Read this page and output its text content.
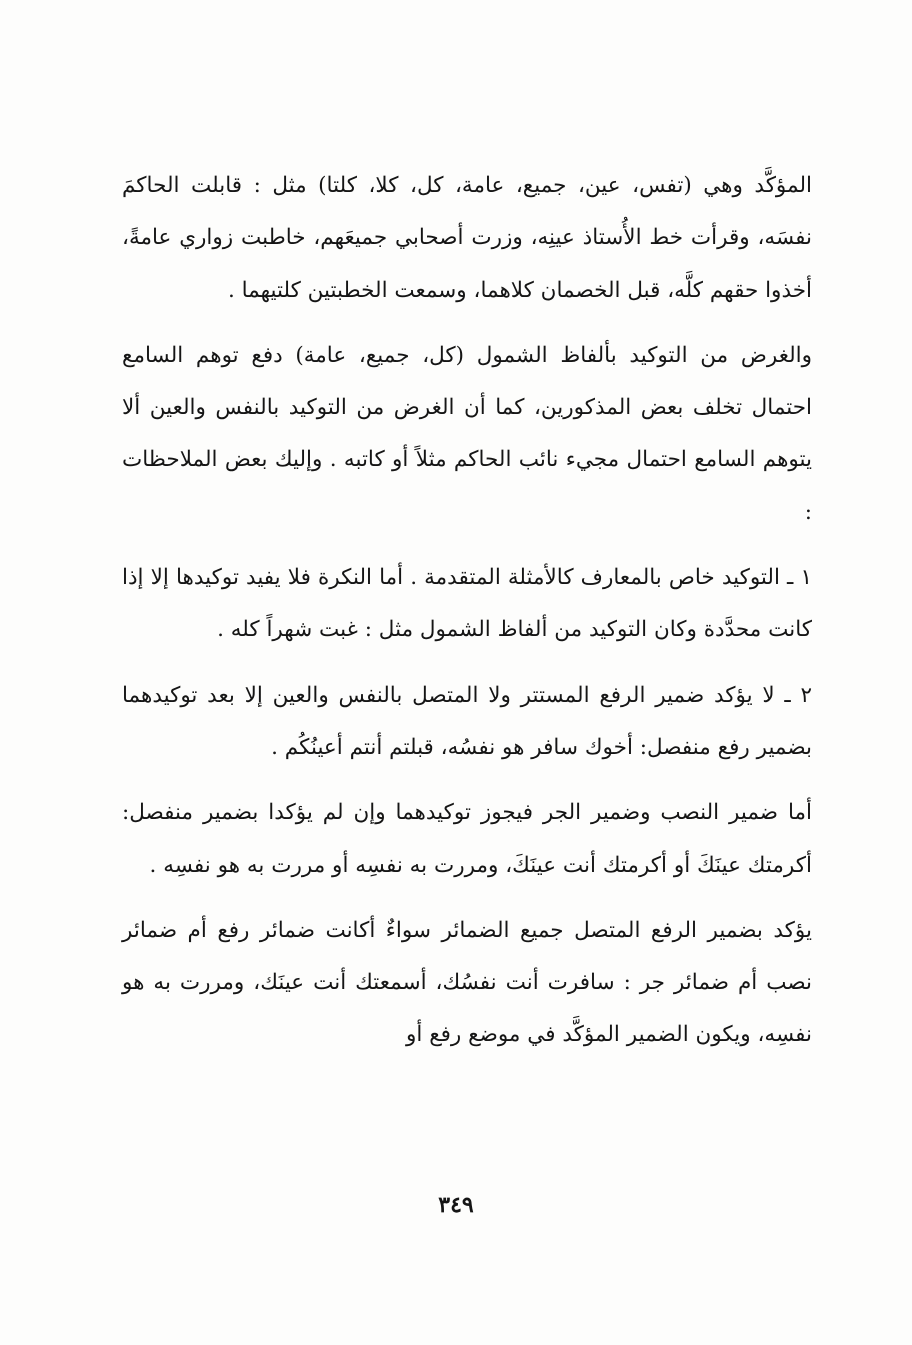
المؤكَّد وهي (تفس، عين، جميع، عامة، كل، كلا، كلتا) مثل : قابلت الحاكمَ نفسَه، وقرأت خط الأُستاذ عينِه، وزرت أصحابي جميعَهم، خاطبت زواري عامةً، أخذوا حقهم كلَّه، قبل الخصمان كلاهما، وسمعت الخطبتين كلتيهما .

والغرض من التوكيد بألفاظ الشمول (كل، جميع، عامة) دفع توهم السامع احتمال تخلف بعض المذكورين، كما أن الغرض من التوكيد بالنفس والعين ألا يتوهم السامع احتمال مجيء نائب الحاكم مثلاً أو كاتبه . وإليك بعض الملاحظات :

١ ـ التوكيد خاص بالمعارف كالأمثلة المتقدمة . أما النكرة فلا يفيد توكيدها إلا إذا كانت محدَّدة وكان التوكيد من ألفاظ الشمول مثل : غبت شهراً كله .

٢ ـ لا يؤكد ضمير الرفع المستتر ولا المتصل بالنفس والعين إلا بعد توكيدهما بضمير رفع منفصل: أخوك سافر هو نفسُه، قبلتم أنتم أعينُكُم .

أما ضمير النصب وضمير الجر فيجوز توكيدهما وإن لم يؤكدا بضمير منفصل: أكرمتك عينَكَ أو أكرمتك أنت عينَكَ، ومررت به نفسِه أو مررت به هو نفسِه .

يؤكد بضمير الرفع المتصل جميع الضمائر سواءٌ أكانت ضمائر رفع أم ضمائر نصب أم ضمائر جر : سافرت أنت نفسُك، أسمعتك أنت عينَك، ومررت به هو نفسِه، ويكون الضمير المؤكَّد في موضع رفع أو

٣٤٩
